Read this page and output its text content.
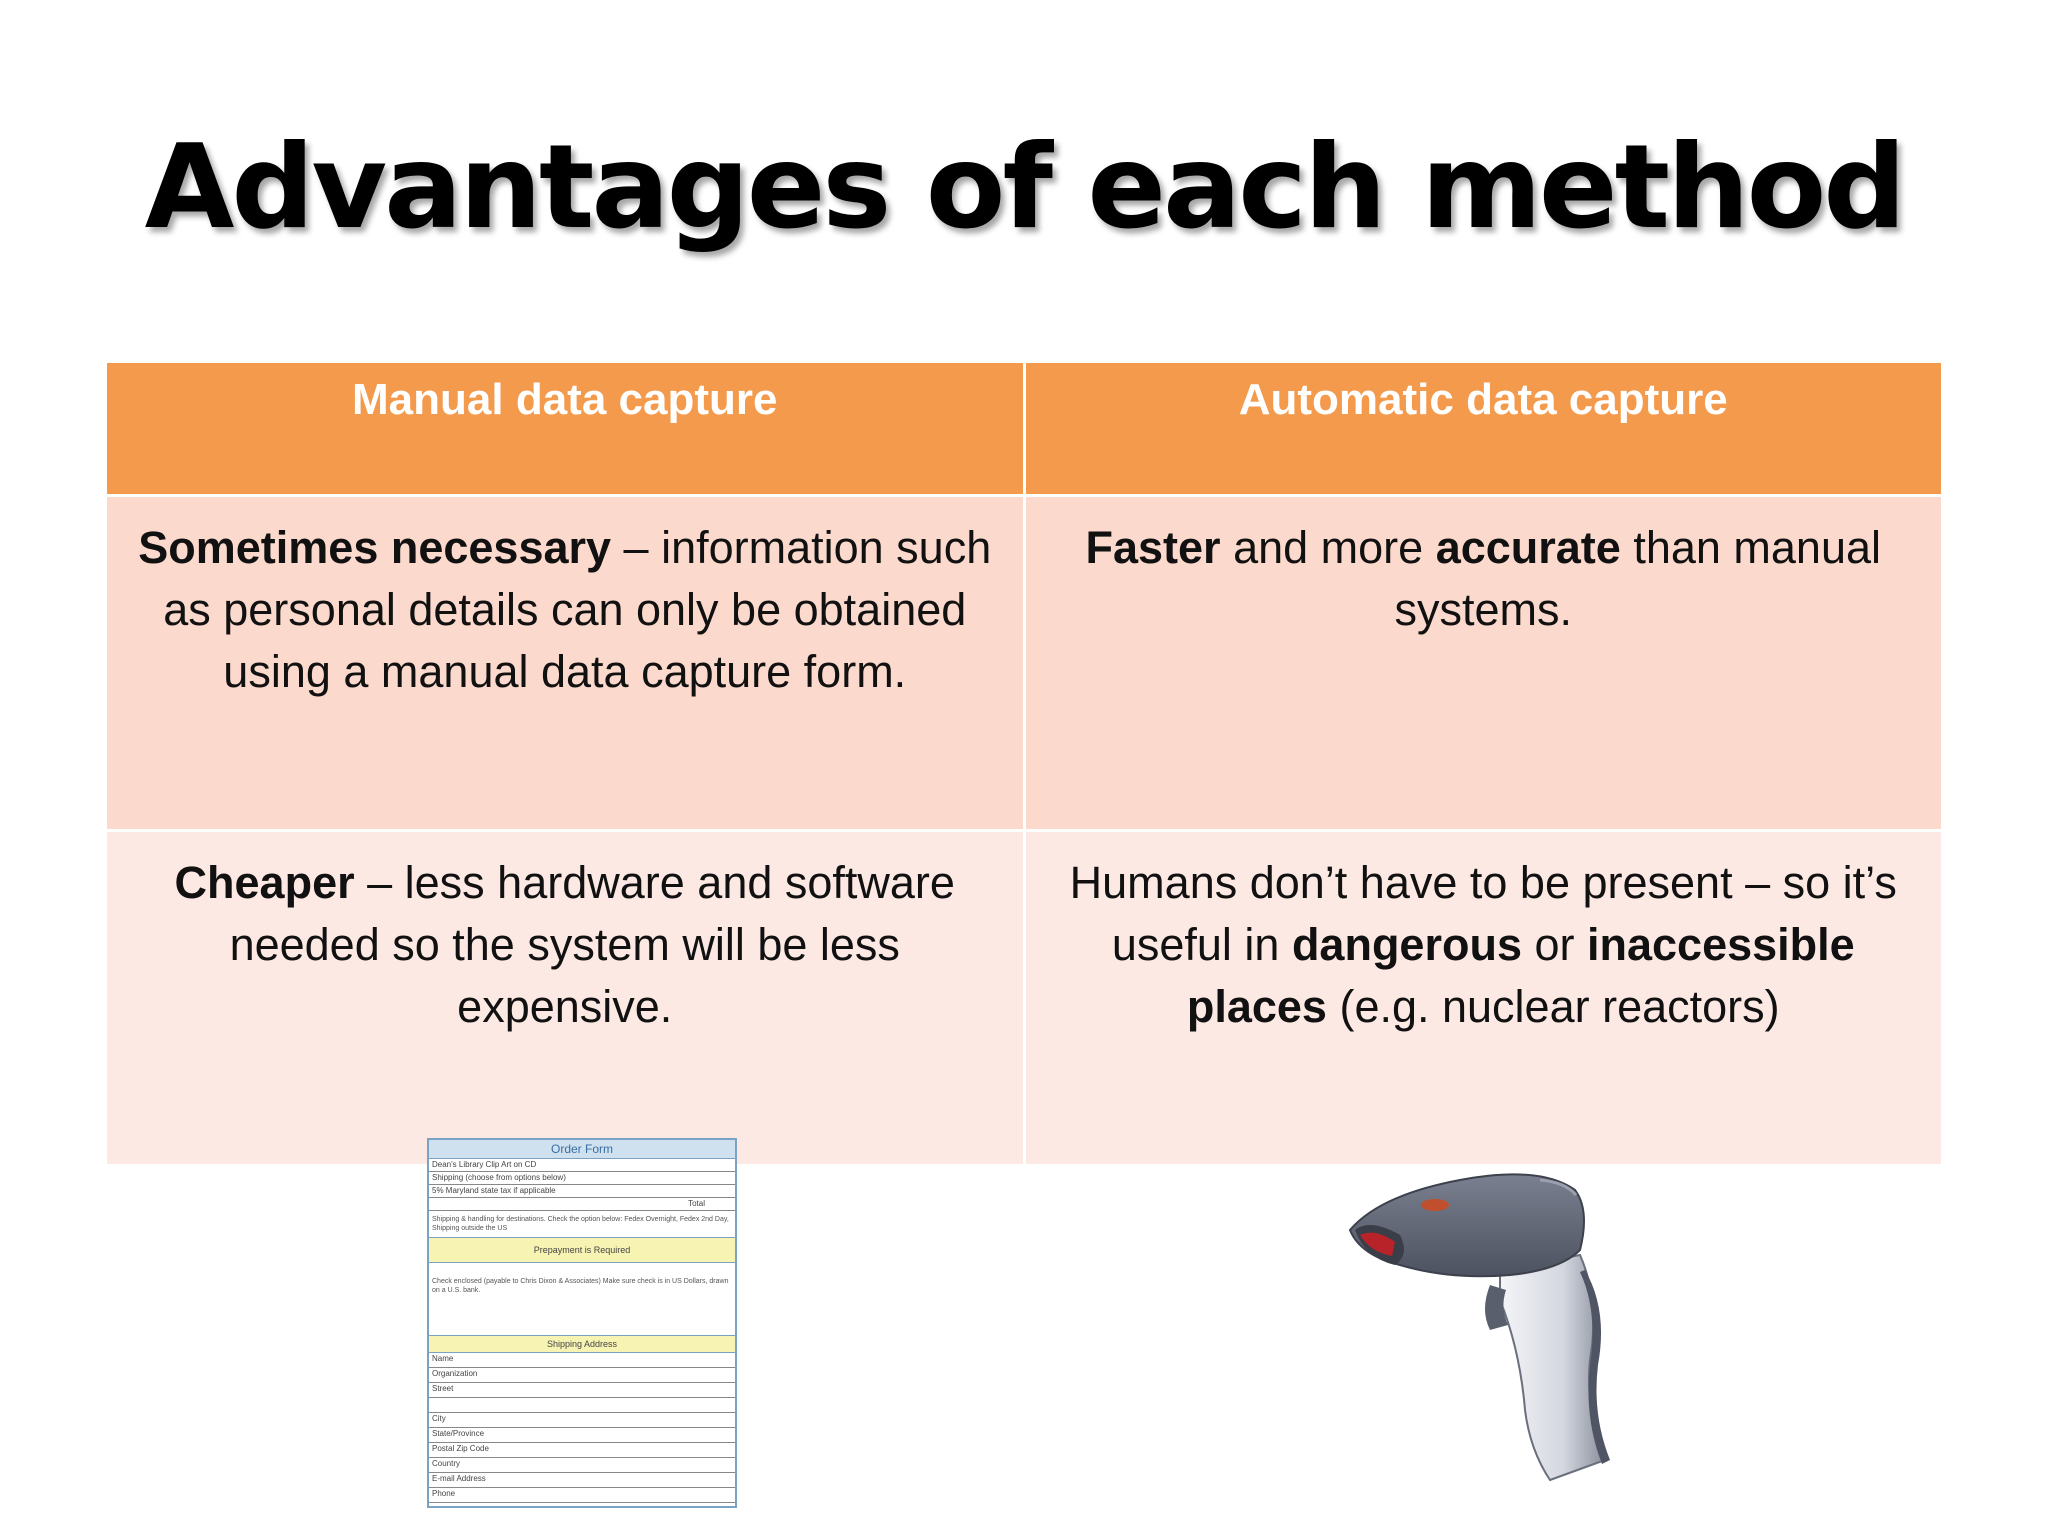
Advantages of each method
Manual data capture	Automatic data capture
Sometimes necessary – information such as personal details can only be obtained using a manual data capture form.	Faster and more accurate than manual systems.
Cheaper – less hardware and software needed so the system will be less expensive.	Humans don’t have to be present – so it’s useful in dangerous or inaccessible places (e.g. nuclear reactors)
Order Form
Dean's Library Clip Art on CD
Shipping (choose from options below)
5% Maryland state tax if applicable
Total
Shipping & handling for destinations. Check the option below: Fedex Overnight, Fedex 2nd Day, Shipping outside the US
Prepayment is Required
Check enclosed (payable to Chris Dixon & Associates) Make sure check is in US Dollars, drawn on a U.S. bank.
Shipping Address
Name
Organization
Street
City
State/Province
Postal Zip Code
Country
E-mail Address
Phone
